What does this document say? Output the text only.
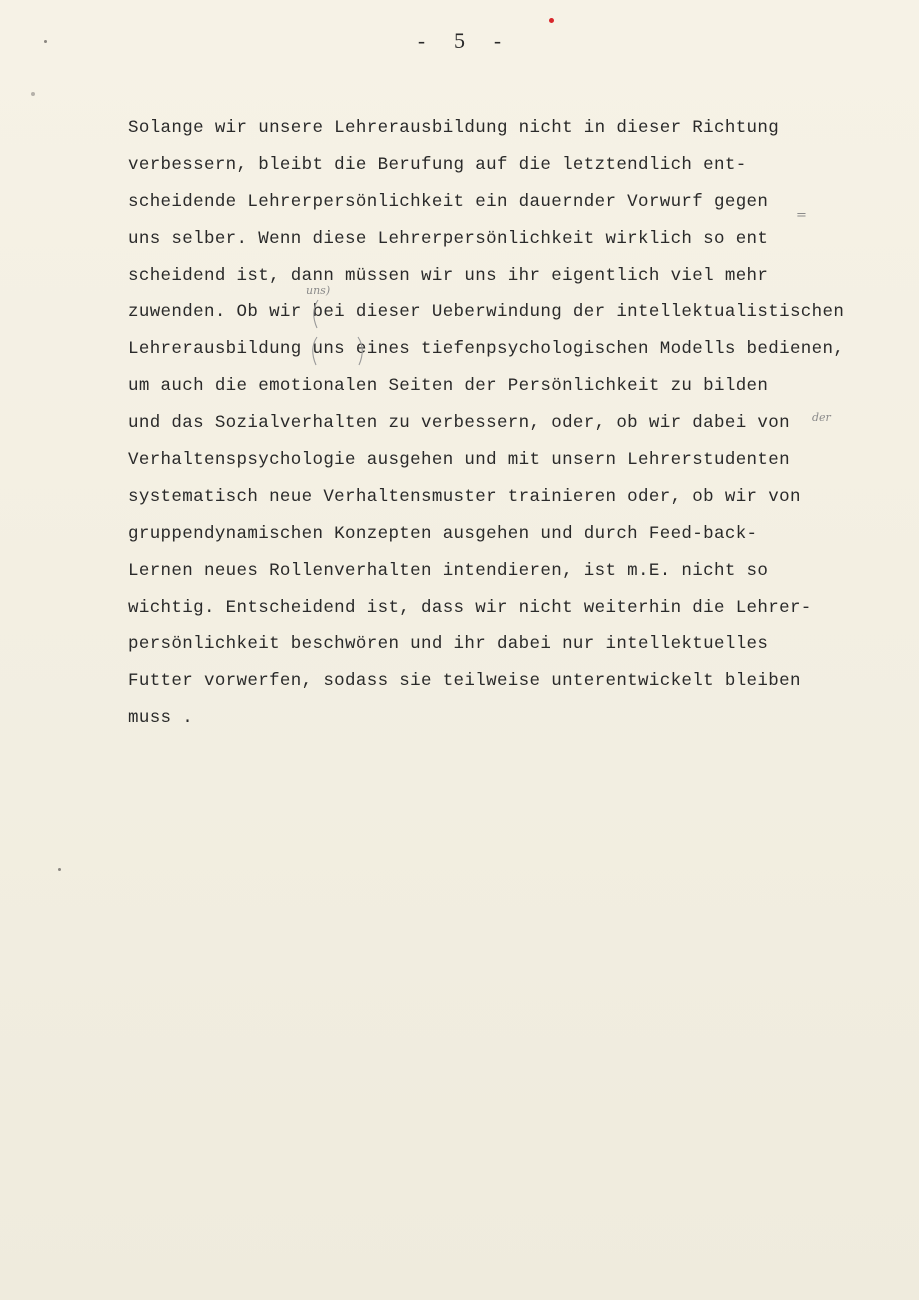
- 5 -
Solange wir unsere Lehrerausbildung nicht in dieser Richtung
verbessern, bleibt die Berufung auf die letztendlich ent-
scheidende Lehrerpersönlichkeit ein dauernder Vorwurf gegen
uns selber. Wenn diese Lehrerpersönlichkeit wirklich so ent
scheidend ist, dann müssen wir uns ihr eigentlich viel mehr
zuwenden. Ob wir bei dieser Ueberwindung der intellektualistischen
Lehrerausbildung uns eines tiefenpsychologischen Modells bedienen,
um auch die emotionalen Seiten der Persönlichkeit zu bilden
und das Sozialverhalten zu verbessern, oder, ob wir dabei von
Verhaltenspsychologie ausgehen und mit unsern Lehrerstudenten
systematisch neue Verhaltensmuster trainieren oder, ob wir von
gruppendynamischen Konzepten ausgehen und durch Feed-back-
Lernen neues Rollenverhalten intendieren, ist m.E. nicht so
wichtig. Entscheidend ist, dass wir nicht weiterhin die Lehrer-
persönlichkeit beschwören und ihr dabei nur intellektuelles
Futter vorwerfen, sodass sie teilweise unterentwickelt bleiben
muss .
uns)
der
=
